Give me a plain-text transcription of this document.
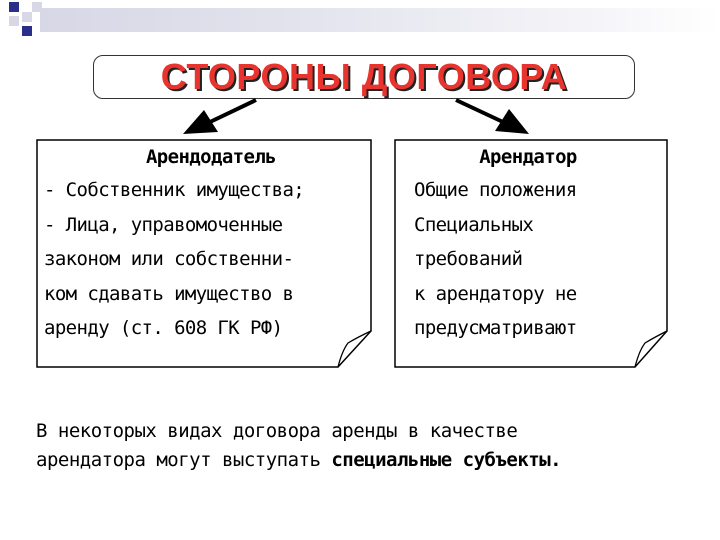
СТОРОНЫ ДОГОВОРА
Арендодатель
- Собственник имущества;
- Лица, управомоченные
законом или собственни-
ком сдавать имущество в
аренду (ст. 608 ГК РФ)
Арендатор
Общие положения
Специальных
требований
к арендатору не
предусматривают
В некоторых видах договора аренды в качестве
арендатора могут выступать специальные субъекты.
